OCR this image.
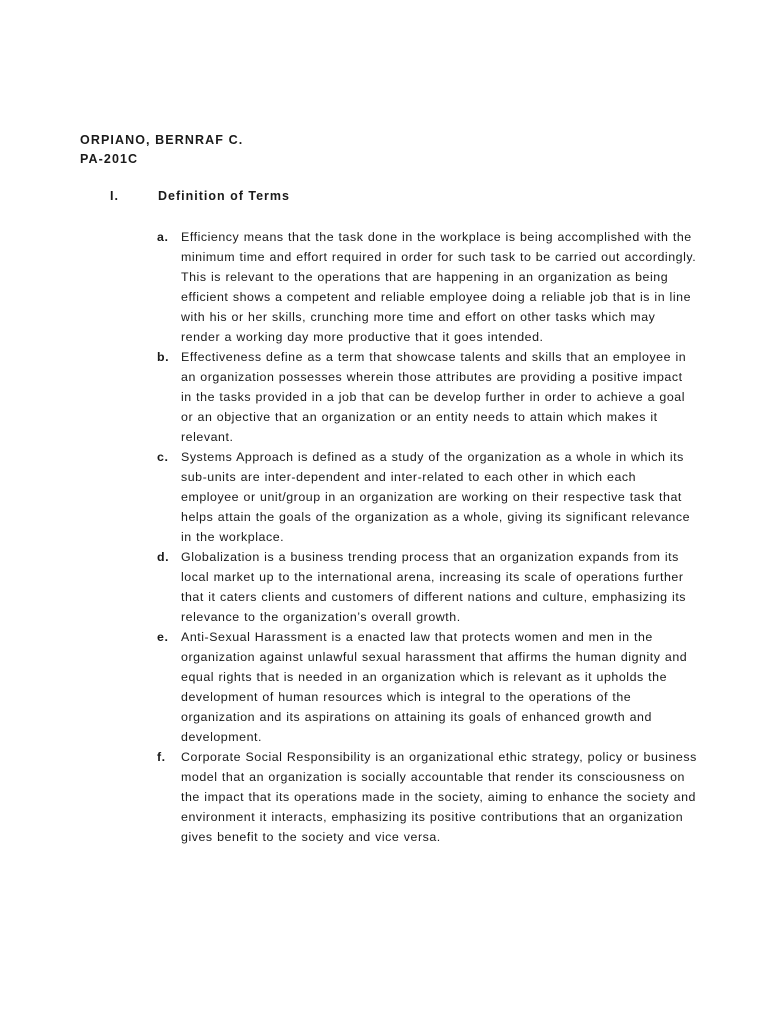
ORPIANO, BERNRAF C.
PA-201C
I.	Definition of Terms
a. Efficiency means that the task done in the workplace is being accomplished with the minimum time and effort required in order for such task to be carried out accordingly. This is relevant to the operations that are happening in an organization as being efficient shows a competent and reliable employee doing a reliable job that is in line with his or her skills, crunching more time and effort on other tasks which may render a working day more productive that it goes intended.
b. Effectiveness define as a term that showcase talents and skills that an employee in an organization possesses wherein those attributes are providing a positive impact in the tasks provided in a job that can be develop further in order to achieve a goal or an objective that an organization or an entity needs to attain which makes it relevant.
c. Systems Approach is defined as a study of the organization as a whole in which its sub-units are inter-dependent and inter-related to each other in which each employee or unit/group in an organization are working on their respective task that helps attain the goals of the organization as a whole, giving its significant relevance in the workplace.
d. Globalization is a business trending process that an organization expands from its local market up to the international arena, increasing its scale of operations further that it caters clients and customers of different nations and culture, emphasizing its relevance to the organization’s overall growth.
e. Anti-Sexual Harassment is a enacted law that protects women and men in the organization against unlawful sexual harassment that affirms the human dignity and equal rights that is needed in an organization which is relevant as it upholds the development of human resources which is integral to the operations of the organization and its aspirations on attaining its goals of enhanced growth and development.
f. Corporate Social Responsibility is an organizational ethic strategy, policy or business model that an organization is socially accountable that render its consciousness on the impact that its operations made in the society, aiming to enhance the society and environment it interacts, emphasizing its positive contributions that an organization gives benefit to the society and vice versa.
